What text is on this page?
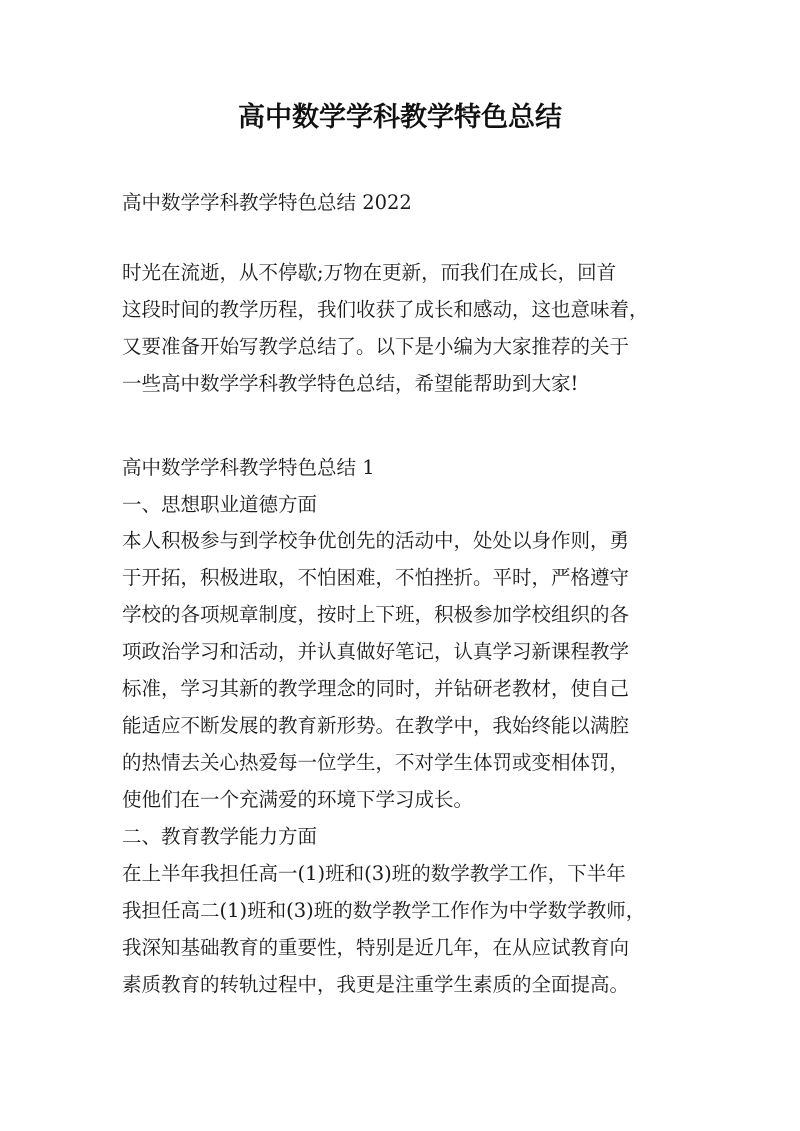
高中数学学科教学特色总结

高中数学学科教学特色总结 2022

时光在流逝，从不停歇;万物在更新，而我们在成长，回首

这段时间的教学历程，我们收获了成长和感动，这也意味着，

又要准备开始写教学总结了。以下是小编为大家推荐的关于

一些高中数学学科教学特色总结，希望能帮助到大家!

高中数学学科教学特色总结 1

一、思想职业道德方面

本人积极参与到学校争优创先的活动中，处处以身作则，勇

于开拓，积极进取，不怕困难，不怕挫折。平时，严格遵守

学校的各项规章制度，按时上下班，积极参加学校组织的各

项政治学习和活动，并认真做好笔记，认真学习新课程教学

标准，学习其新的教学理念的同时，并钻研老教材，使自己

能适应不断发展的教育新形势。在教学中，我始终能以满腔

的热情去关心热爱每一位学生，不对学生体罚或变相体罚，

使他们在一个充满爱的环境下学习成长。

二、教育教学能力方面

在上半年我担任高一(1)班和(3)班的数学教学工作，下半年

我担任高二(1)班和(3)班的数学教学工作作为中学数学教师，

我深知基础教育的重要性，特别是近几年，在从应试教育向

素质教育的转轨过程中，我更是注重学生素质的全面提高。
